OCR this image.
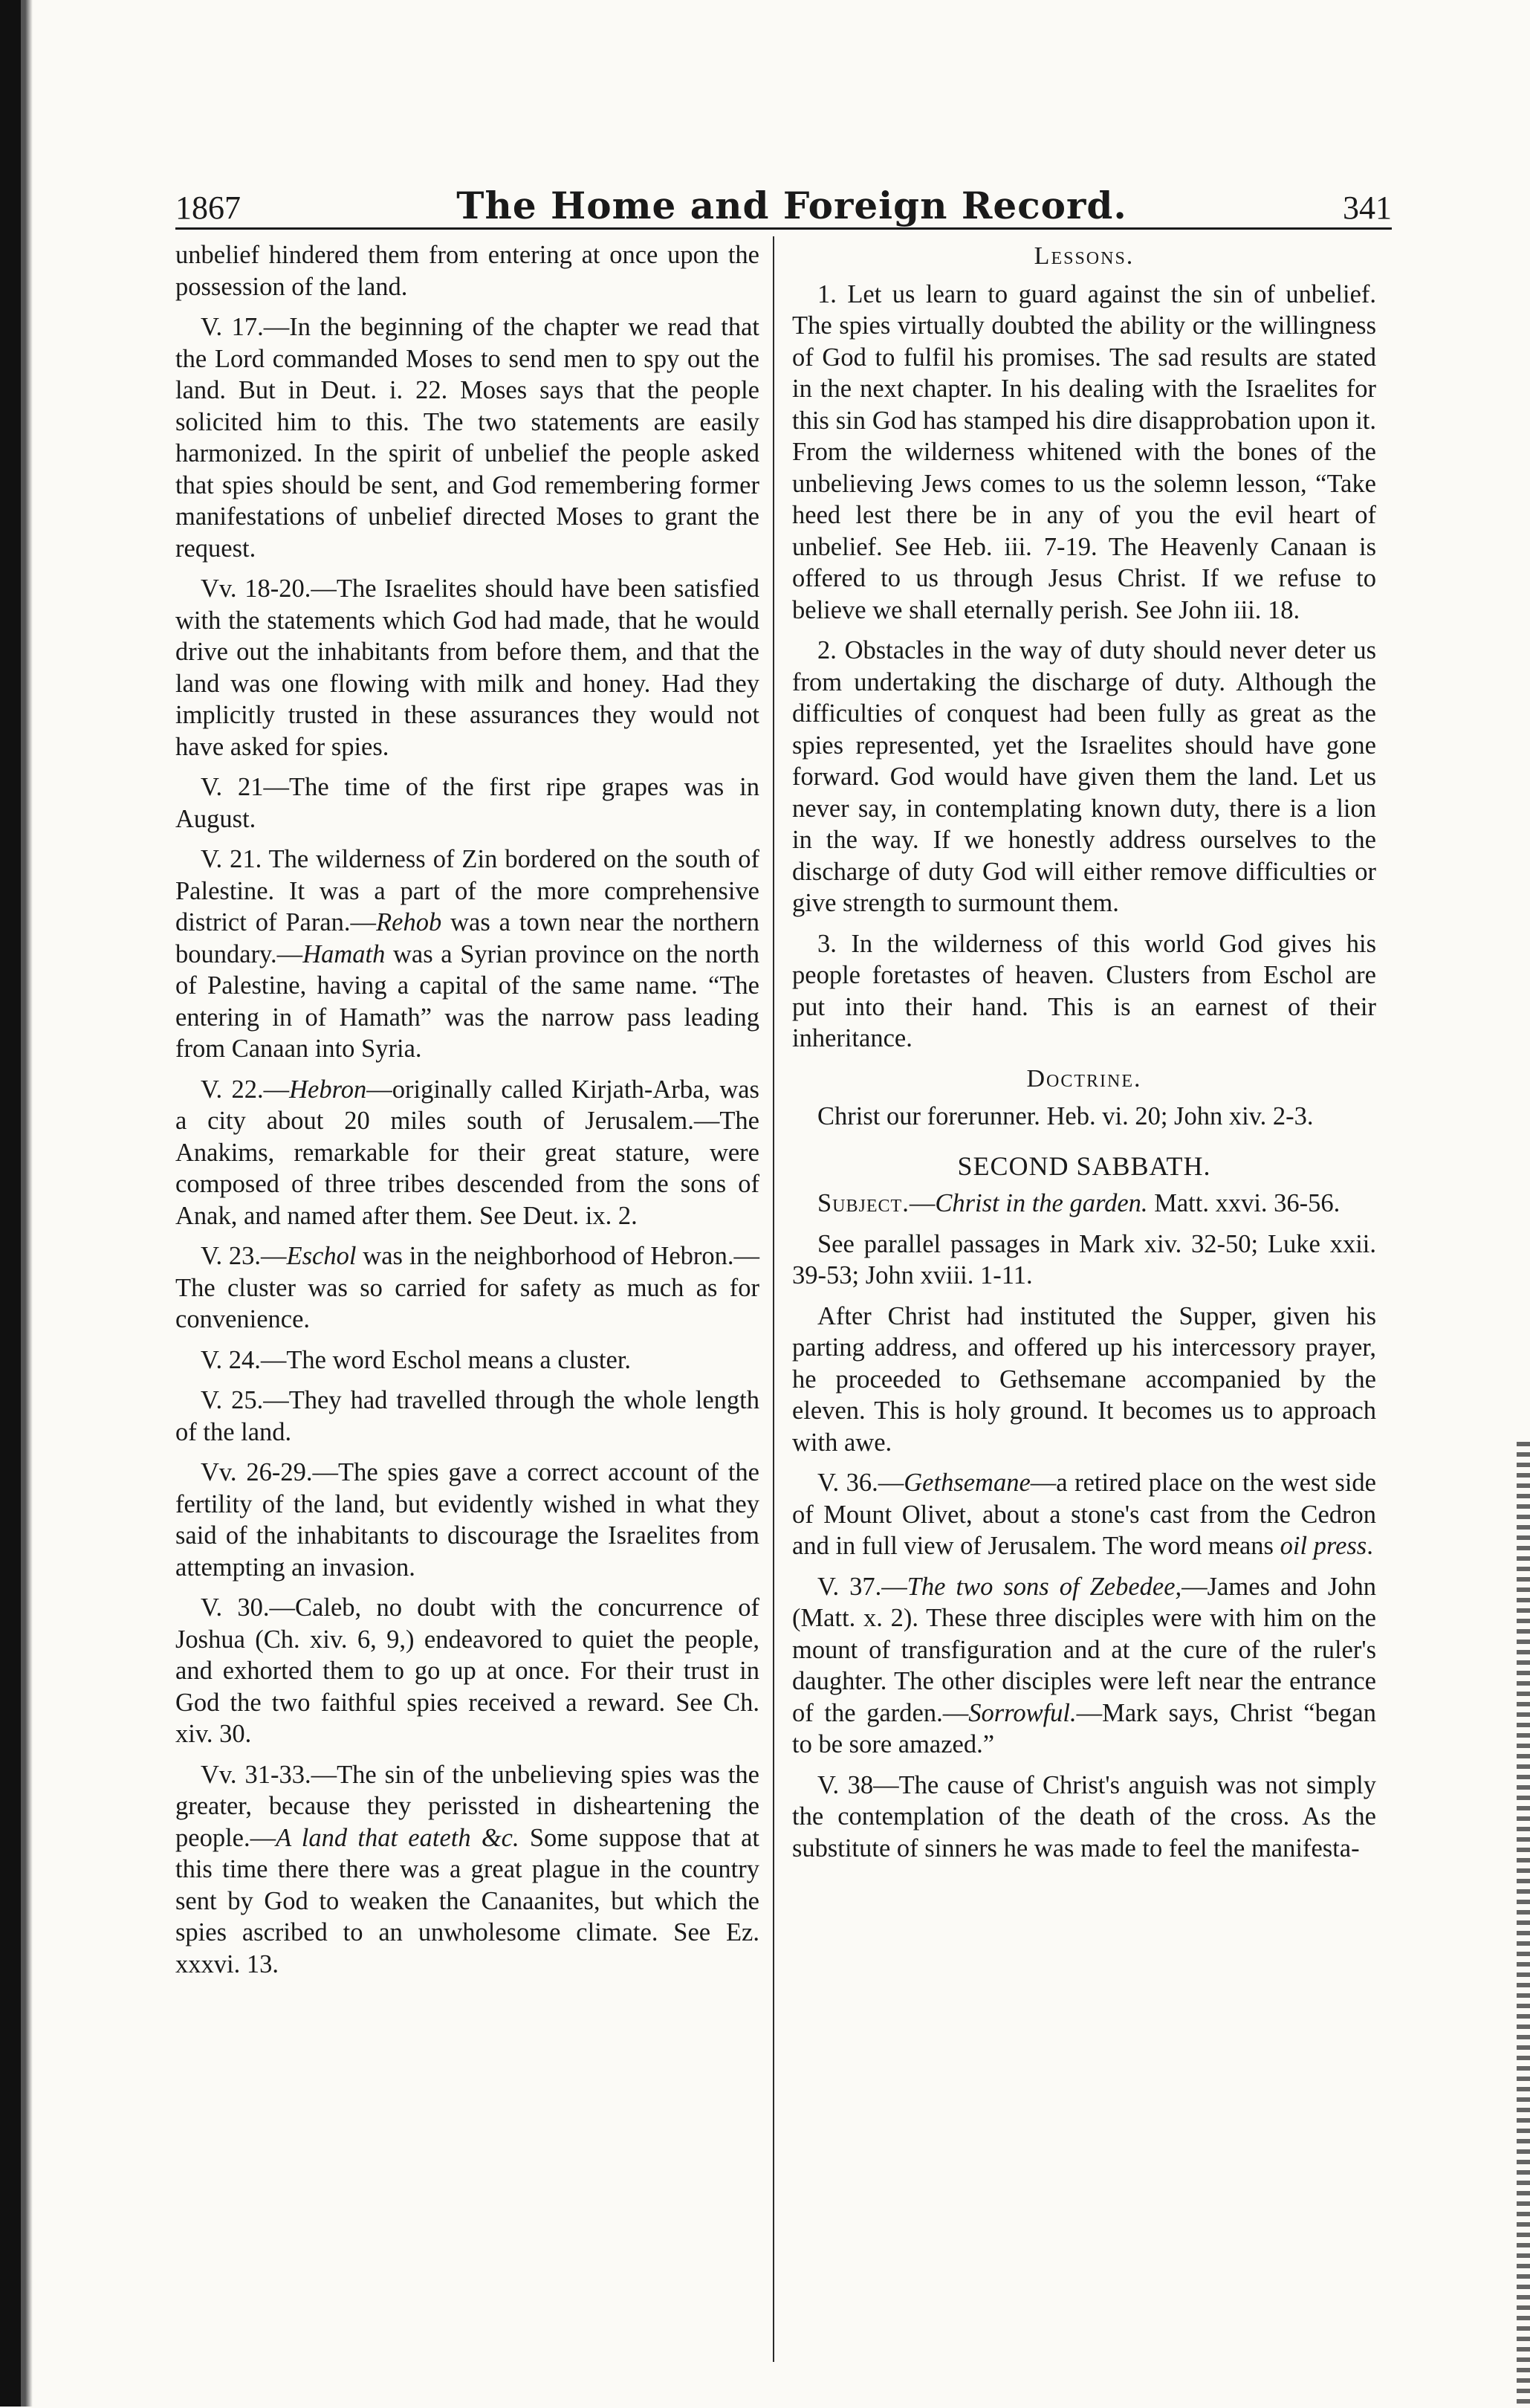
1867	The Home and Foreign Record.	341

unbelief hindered them from entering at once upon the possession of the land.

V. 17.—In the beginning of the chapter we read that the Lord commanded Moses to send men to spy out the land. But in Deut. i. 22. Moses says that the people solicited him to this. The two statements are easily harmonized. In the spirit of unbelief the people asked that spies should be sent, and God remembering former manifestations of unbelief directed Moses to grant the request.

Vv. 18-20.—The Israelites should have been satisfied with the statements which God had made, that he would drive out the inhabitants from before them, and that the land was one flowing with milk and honey. Had they implicitly trusted in these assurances they would not have asked for spies.

V. 21—The time of the first ripe grapes was in August.

V. 21. The wilderness of Zin bordered on the south of Palestine. It was a part of the more comprehensive district of Paran.—Rehob was a town near the northern boundary.—Hamath was a Syrian province on the north of Palestine, having a capital of the same name. “The entering in of Hamath” was the narrow pass leading from Canaan into Syria.

V. 22.—Hebron—originally called Kirjath-Arba, was a city about 20 miles south of Jerusalem.—The Anakims, remarkable for their great stature, were composed of three tribes descended from the sons of Anak, and named after them. See Deut. ix. 2.

V. 23.—Eschol was in the neighborhood of Hebron.—The cluster was so carried for safety as much as for convenience.

V. 24.—The word Eschol means a cluster.

V. 25.—They had travelled through the whole length of the land.

Vv. 26-29.—The spies gave a correct account of the fertility of the land, but evidently wished in what they said of the inhabitants to discourage the Israelites from attempting an invasion.

V. 30.—Caleb, no doubt with the concurrence of Joshua (Ch. xiv. 6, 9,) endeavored to quiet the people, and exhorted them to go up at once. For their trust in God the two faithful spies received a reward. See Ch. xiv. 30.

Vv. 31-33.—The sin of the unbelieving spies was the greater, because they perissted in disheartening the people.—A land that eateth &c. Some suppose that at this time there there was a great plague in the country sent by God to weaken the Canaanites, but which the spies ascribed to an unwholesome climate. See Ez. xxxvi. 13.

Lessons.

1. Let us learn to guard against the sin of unbelief. The spies virtually doubted the ability or the willingness of God to fulfil his promises. The sad results are stated in the next chapter. In his dealing with the Israelites for this sin God has stamped his dire disapprobation upon it. From the wilderness whitened with the bones of the unbelieving Jews comes to us the solemn lesson, “Take heed lest there be in any of you the evil heart of unbelief. See Heb. iii. 7-19. The Heavenly Canaan is offered to us through Jesus Christ. If we refuse to believe we shall eternally perish. See John iii. 18.

2. Obstacles in the way of duty should never deter us from undertaking the discharge of duty. Although the difficulties of conquest had been fully as great as the spies represented, yet the Israelites should have gone forward. God would have given them the land. Let us never say, in contemplating known duty, there is a lion in the way. If we honestly address ourselves to the discharge of duty God will either remove difficulties or give strength to surmount them.

3. In the wilderness of this world God gives his people foretastes of heaven. Clusters from Eschol are put into their hand. This is an earnest of their inheritance.

Doctrine.

Christ our forerunner. Heb. vi. 20; John xiv. 2-3.

SECOND SABBATH.

Subject.—Christ in the garden. Matt. xxvi. 36-56.

See parallel passages in Mark xiv. 32-50; Luke xxii. 39-53; John xviii. 1-11.

After Christ had instituted the Supper, given his parting address, and offered up his intercessory prayer, he proceeded to Gethsemane accompanied by the eleven. This is holy ground. It becomes us to approach with awe.

V. 36.—Gethsemane—a retired place on the west side of Mount Olivet, about a stone's cast from the Cedron and in full view of Jerusalem. The word means oil press.

V. 37.—The two sons of Zebedee,—James and John (Matt. x. 2). These three disciples were with him on the mount of transfiguration and at the cure of the ruler's daughter. The other disciples were left near the entrance of the garden.—Sorrowful.—Mark says, Christ “began to be sore amazed.”

V. 38—The cause of Christ's anguish was not simply the contemplation of the death of the cross. As the substitute of sinners he was made to feel the manifesta-
